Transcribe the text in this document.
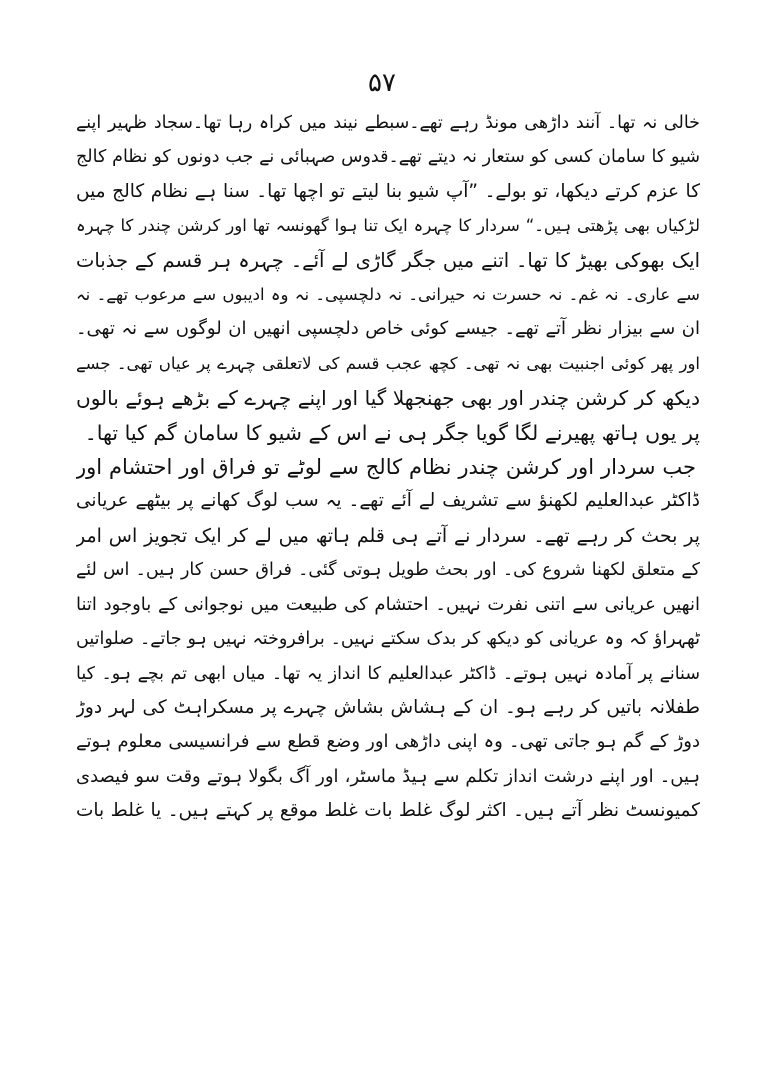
۵۷
خالی نہ تھا۔ آنند داڑھی مونڈ رہے تھے۔سبطے نیند میں کراہ رہا تھا۔سجاد ظہیر اپنے
شیو کا سامان کسی کو ستعار نہ دیتے تھے۔قدوس صہبائی نے جب دونوں کو نظام کالج
کا عزم کرتے دیکھا، تو بولے۔ ”آپ شیو بنا لیتے تو اچھا تھا۔ سنا ہے نظام کالج میں
لڑکیاں بھی پڑھتی ہیں۔“ سردار کا چہرہ ایک تنا ہوا گھونسہ تھا اور کرشن چندر کا چہرہ
ایک بھوکی بھیڑ کا تھا۔ اتنے میں جگر گاڑی لے آئے۔ چہرہ ہر قسم کے جذبات
سے عاری۔ نہ غم۔ نہ حسرت نہ حیرانی۔ نہ دلچسپی۔ نہ وہ ادیبوں سے مرعوب تھے۔ نہ
ان سے بیزار نظر آتے تھے۔ جیسے کوئی خاص دلچسپی انھیں ان لوگوں سے نہ تھی۔
اور پھر کوئی اجنبیت بھی نہ تھی۔ کچھ عجب قسم کی لاتعلقی چہرے پر عیاں تھی۔ جسے
دیکھ کر کرشن چندر اور بھی جھنجھلا گیا اور اپنے چہرے کے بڑھے ہوئے بالوں
پر یوں ہاتھ پھیرنے لگا گویا جگر ہی نے اس کے شیو کا سامان گم کیا تھا۔
جب سردار اور کرشن چندر نظام کالج سے لوٹے تو فراق اور احتشام اور
ڈاکٹر عبدالعلیم لکھنؤ سے تشریف لے آئے تھے۔ یہ سب لوگ کھانے پر بیٹھے عریانی
پر بحث کر رہے تھے۔ سردار نے آتے ہی قلم ہاتھ میں لے کر ایک تجویز اس امر
کے متعلق لکھنا شروع کی۔ اور بحث طویل ہوتی گئی۔ فراق حسن کار ہیں۔ اس لئے
انھیں عریانی سے اتنی نفرت نہیں۔ احتشام کی طبیعت میں نوجوانی کے باوجود اتنا
ٹھہراؤ کہ وہ عریانی کو دیکھ کر بدک سکتے نہیں۔ برافروختہ نہیں ہو جاتے۔ صلواتیں
سنانے پر آمادہ نہیں ہوتے۔ ڈاکٹر عبدالعلیم کا انداز یہ تھا۔ میاں ابھی تم بچے ہو۔ کیا
طفلانہ باتیں کر رہے ہو۔ ان کے ہشاش بشاش چہرے پر مسکراہٹ کی لہر دوڑ
دوڑ کے گم ہو جاتی تھی۔ وہ اپنی داڑھی اور وضع قطع سے فرانسیسی معلوم ہوتے
ہیں۔ اور اپنے درشت انداز تکلم سے ہیڈ ماسٹر، اور آگ بگولا ہوتے وقت سو فیصدی
کمیونسٹ نظر آتے ہیں۔ اکثر لوگ غلط بات غلط موقع پر کہتے ہیں۔ یا غلط بات
